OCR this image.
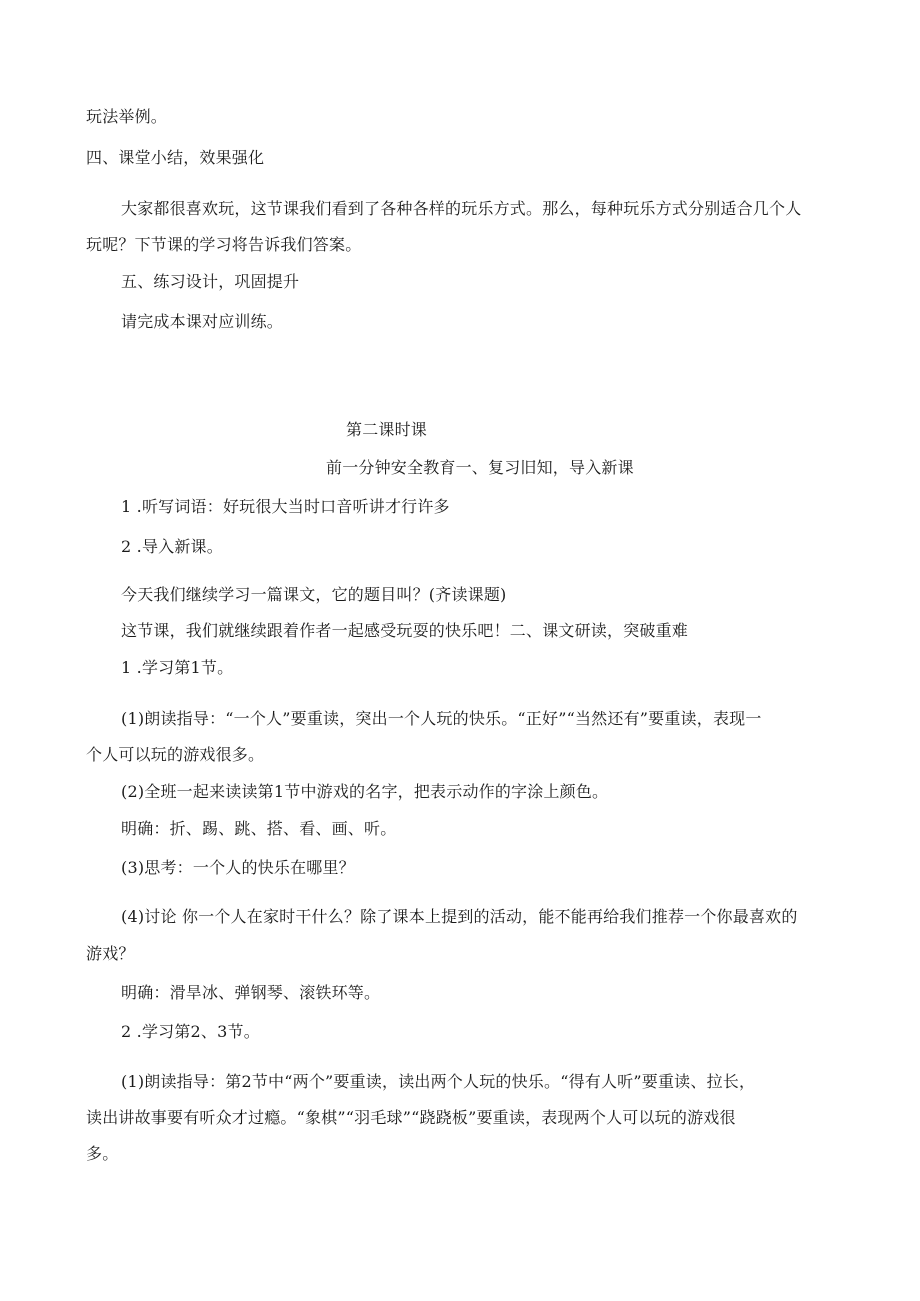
玩法举例。
四、课堂小结，效果强化
大家都很喜欢玩，这节课我们看到了各种各样的玩乐方式。那么，每种玩乐方式分别适合几个人
玩呢？下节课的学习将告诉我们答案。
五、练习设计，巩固提升
请完成本课对应训练。
第二课时课
前一分钟安全教育一、复习旧知，导入新课
1 .听写词语：好玩很大当时口音听讲才行许多
2 .导入新课。
今天我们继续学习一篇课文，它的题目叫？(齐读课题)
这节课，我们就继续跟着作者一起感受玩耍的快乐吧！二、课文研读，突破重难
1 .学习第1节。
(1)朗读指导：“一个人”要重读，突出一个人玩的快乐。“正好”“当然还有”要重读，表现一
个人可以玩的游戏很多。
(2)全班一起来读读第1节中游戏的名字，把表示动作的字涂上颜色。
明确：折、踢、跳、搭、看、画、听。
(3)思考：一个人的快乐在哪里？
(4)讨论 你一个人在家时干什么？除了课本上提到的活动，能不能再给我们推荐一个你最喜欢的
游戏？
明确：滑旱冰、弹钢琴、滚铁环等。
2 .学习第2、3节。
(1)朗读指导：第2节中“两个”要重读，读出两个人玩的快乐。“得有人听”要重读、拉长，
读出讲故事要有听众才过瘾。“象棋”“羽毛球”“跷跷板”要重读，表现两个人可以玩的游戏很
多。
